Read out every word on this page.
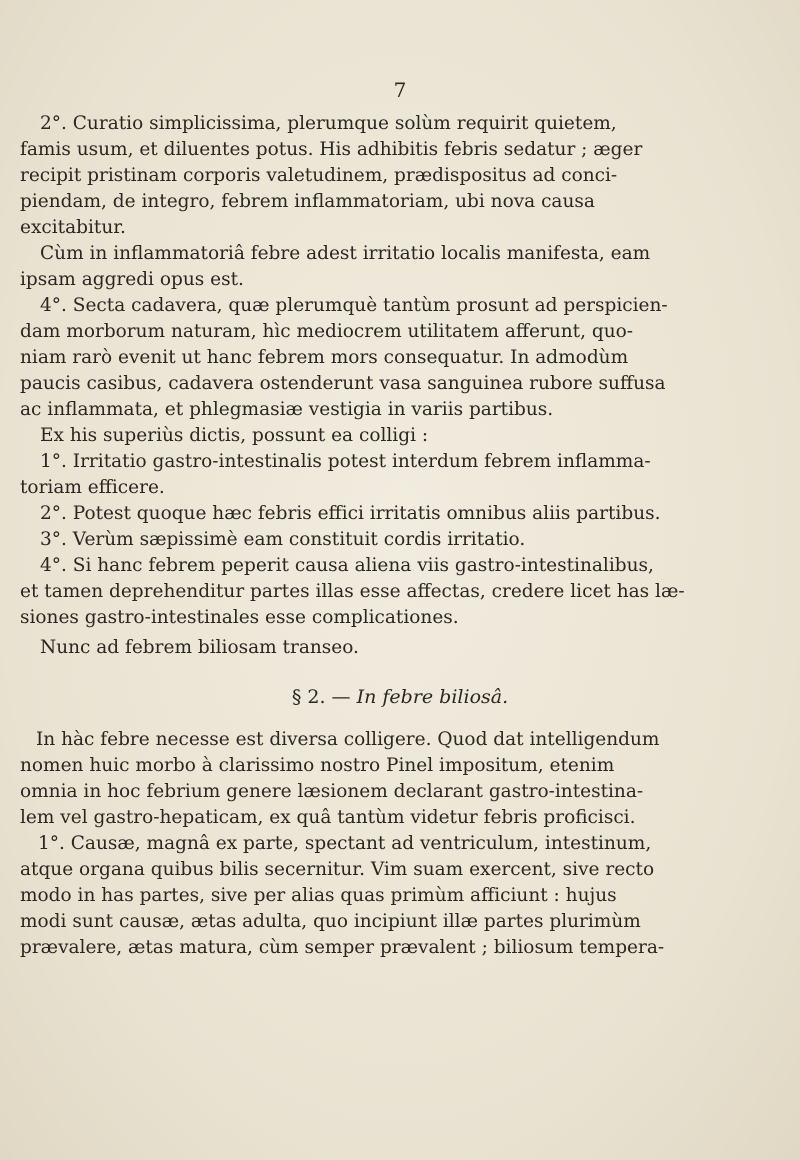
7
2°. Curatio simplicissima, plerumque solùm requirit quietem,
famis usum, et diluentes potus. His adhibitis febris sedatur ; æger
recipit pristinam corporis valetudinem, prædispositus ad conci-
piendam, de integro, febrem inflammatoriam, ubi nova causa
excitabitur.
Cùm in inflammatoriâ febre adest irritatio localis manifesta, eam
ipsam aggredi opus est.
4°. Secta cadavera, quæ plerumquè tantùm prosunt ad perspicien-
dam morborum naturam, hìc mediocrem utilitatem afferunt, quo-
niam rarò evenit ut hanc febrem mors consequatur. In admodùm
paucis casibus, cadavera ostenderunt vasa sanguinea rubore suffusa
ac inflammata, et phlegmasiæ vestigia in variis partibus.
Ex his superiùs dictis, possunt ea colligi :
1°. Irritatio gastro-intestinalis potest interdum febrem inflamma-
toriam efficere.
2°. Potest quoque hæc febris effici irritatis omnibus aliis partibus.
3°. Verùm sæpissimè eam constituit cordis irritatio.
4°. Si hanc febrem peperit causa aliena viis gastro-intestinalibus,
et tamen deprehenditur partes illas esse affectas, credere licet has læ-
siones gastro-intestinales esse complicationes.
Nunc ad febrem biliosam transeo.
§ 2. — In febre biliosâ.
In hàc febre necesse est diversa colligere. Quod dat intelligendum
nomen huic morbo à clarissimo nostro Pinel impositum, etenim
omnia in hoc febrium genere læsionem declarant gastro-intestina-
lem vel gastro-hepaticam, ex quâ tantùm videtur febris proficisci.
1°. Causæ, magnâ ex parte, spectant ad ventriculum, intestinum,
atque organa quibus bilis secernitur. Vim suam exercent, sive recto
modo in has partes, sive per alias quas primùm afficiunt : hujus
modi sunt causæ, ætas adulta, quo incipiunt illæ partes plurimùm
prævalere, ætas matura, cùm semper prævalent ; biliosum tempera-
